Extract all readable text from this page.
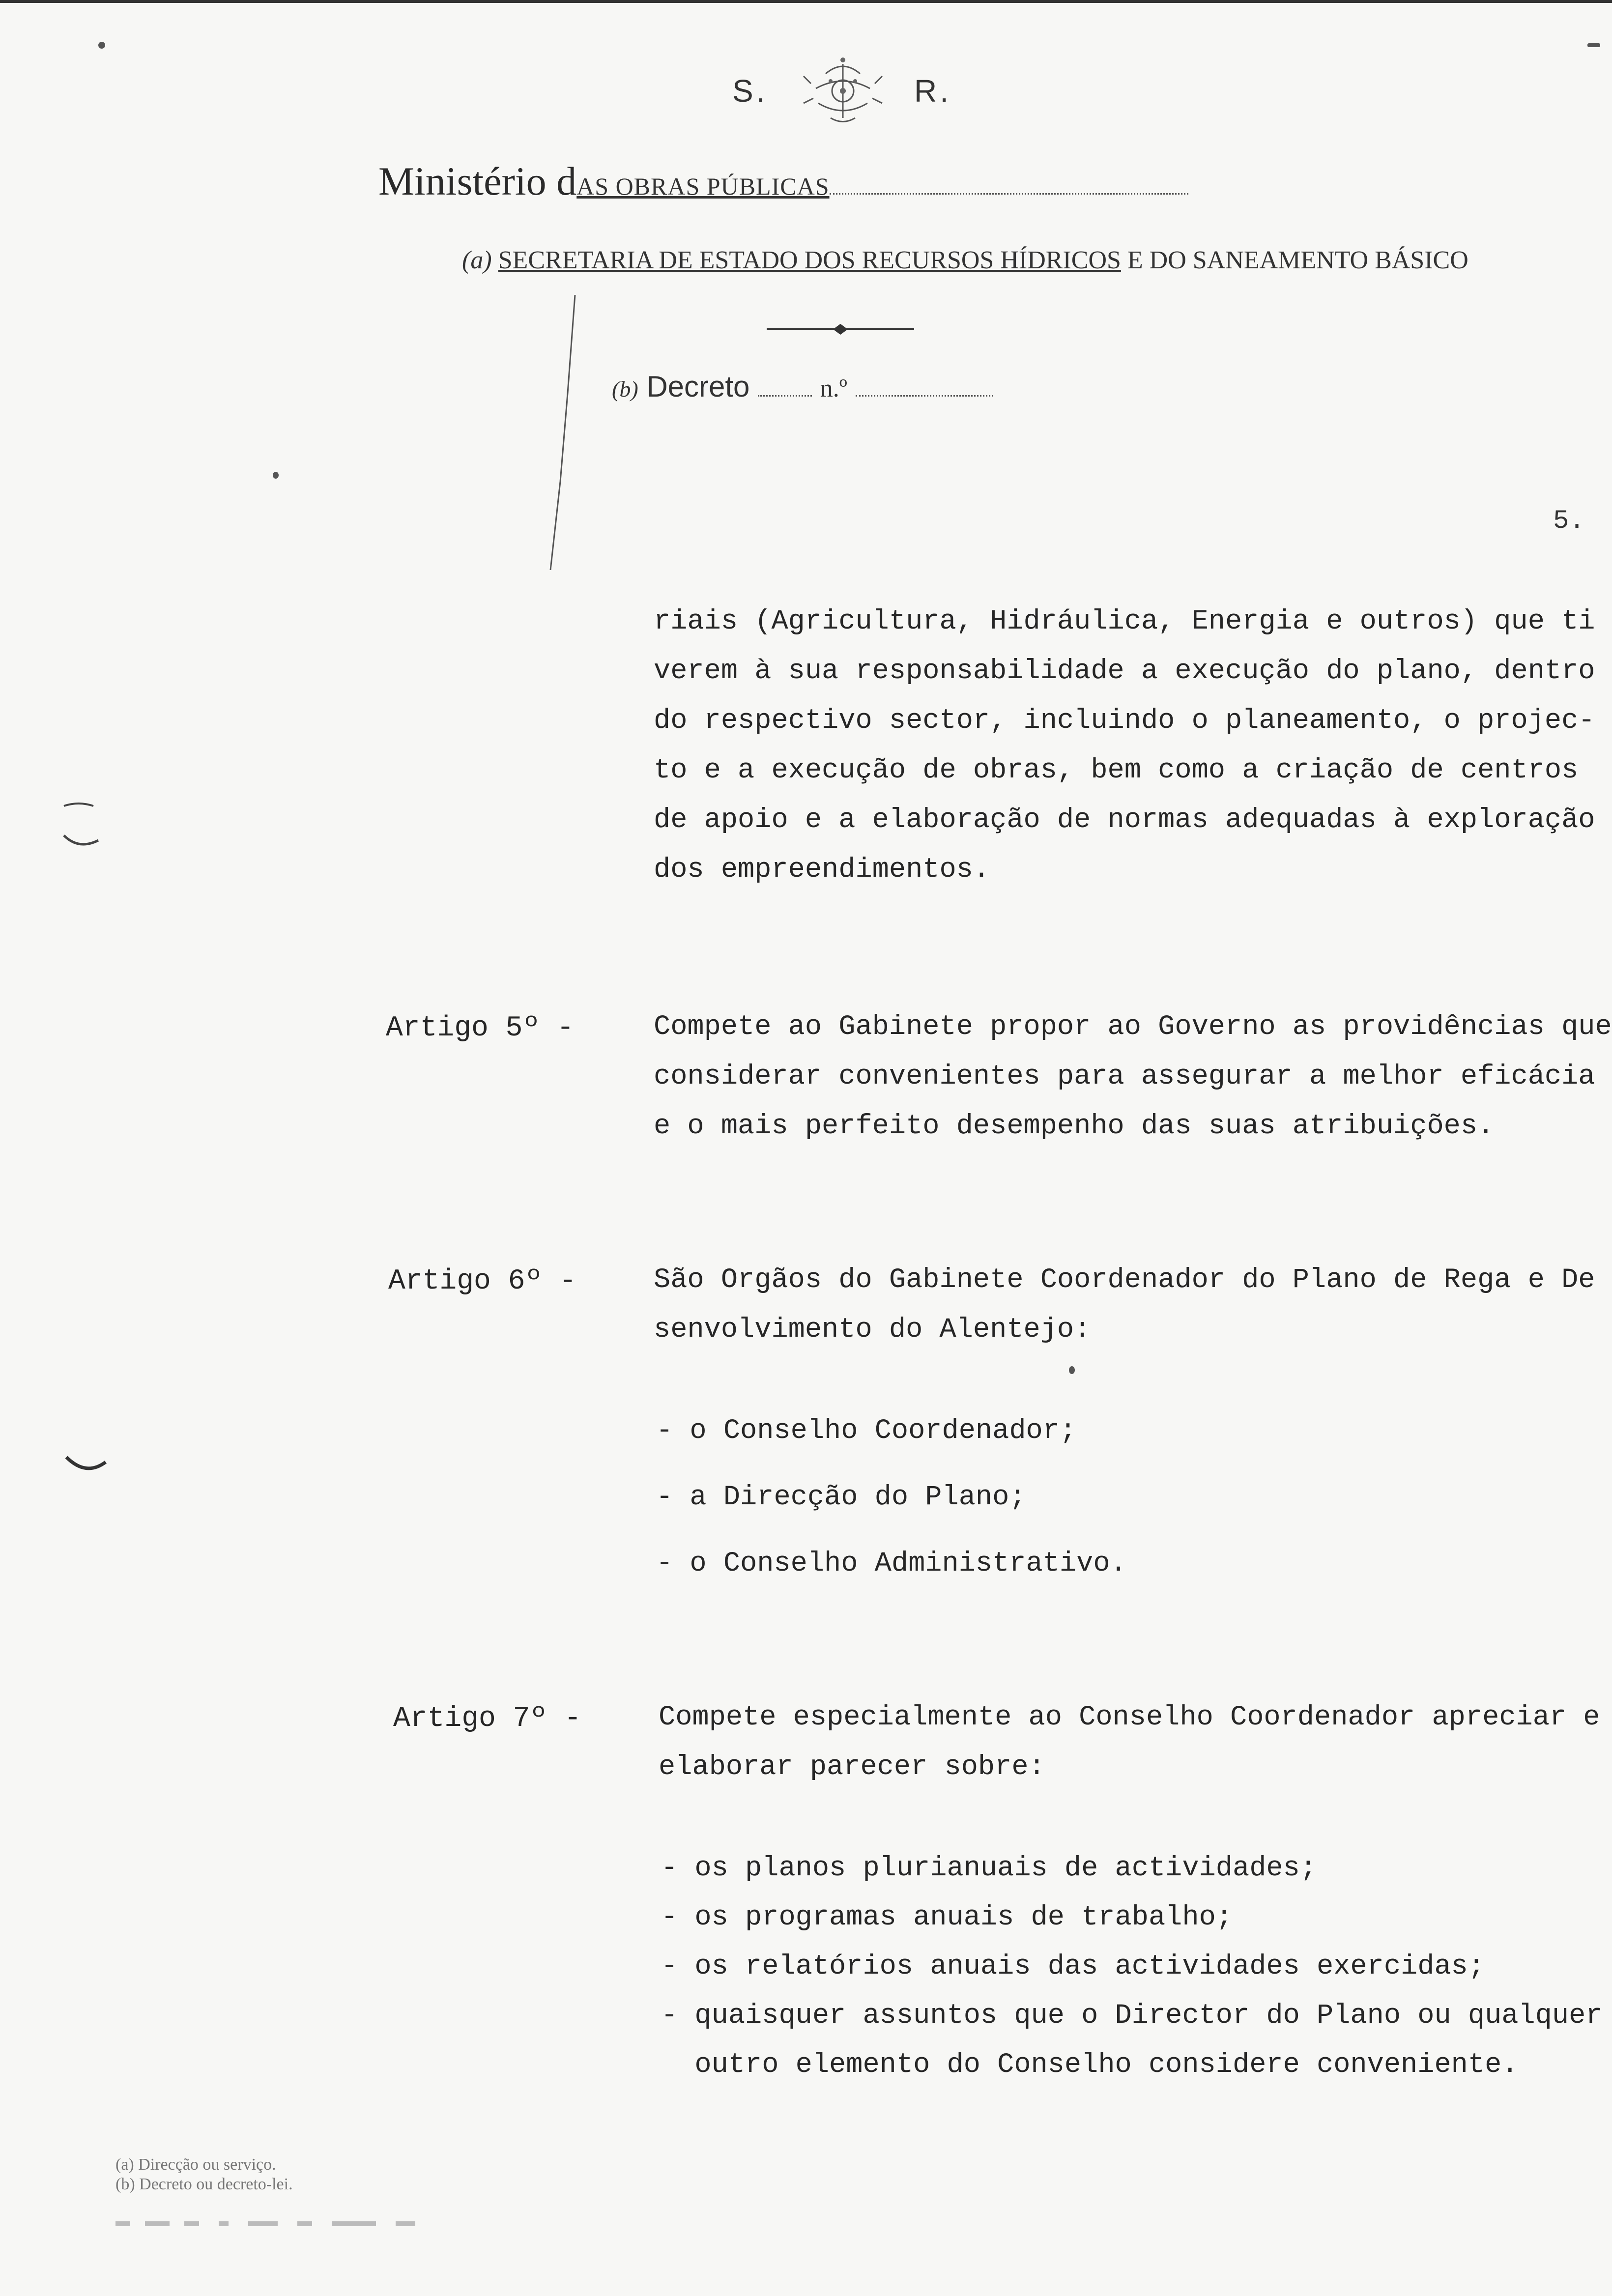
S.	R.
Ministério dAS OBRAS PÚBLICAS
(a) SECRETARIA DE ESTADO DOS RECURSOS HÍDRICOS E DO SANEAMENTO BÁSICO
(b) Decreto	n.º
5.
riais (Agricultura, Hidráulica, Energia e outros) que ti
verem à sua responsabilidade a execução do plano, dentro
do respectivo sector, incluindo o planeamento, o projec-
to e a execução de obras, bem como a criação de centros
de apoio e a elaboração de normas adequadas à exploração
dos empreendimentos.
Artigo 5º -	Compete ao Gabinete propor ao Governo as providências que
considerar convenientes para assegurar a melhor eficácia
e o mais perfeito desempenho das suas atribuições.
Artigo 6º -	São Orgãos do Gabinete Coordenador do Plano de Rega e De
senvolvimento do Alentejo:
- o Conselho Coordenador;
- a Direcção do Plano;
- o Conselho Administrativo.
Artigo 7º -	Compete especialmente ao Conselho Coordenador apreciar e
elaborar parecer sobre:
- os planos plurianuais de actividades;
- os programas anuais de trabalho;
- os relatórios anuais das actividades exercidas;
- quaisquer assuntos que o Director do Plano ou qualquer
outro elemento do Conselho considere conveniente.
(a) Direcção ou serviço.
(b) Decreto ou decreto-lei.
